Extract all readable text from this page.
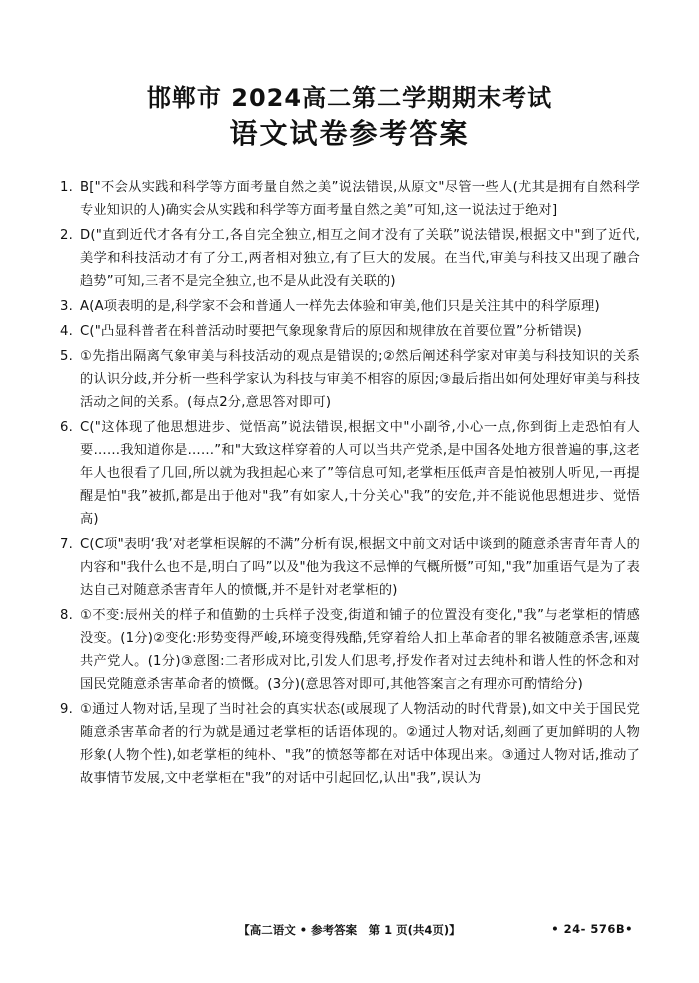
邯郸市 2024高二第二学期期末考试
语文试卷参考答案
1. B["不会从实践和科学等方面考量自然之美”说法错误,从原文"尽管一些人(尤其是拥有自然科学专业知识的人)确实会从实践和科学等方面考量自然之美”可知,这一说法过于绝对]
2. D("直到近代才各有分工,各自完全独立,相互之间才没有了关联”说法错误,根据文中"到了近代,美学和科技活动才有了分工,两者相对独立,有了巨大的发展。在当代,审美与科技又出现了融合趋势”可知,三者不是完全独立,也不是从此没有关联的)
3. A(A项表明的是,科学家不会和普通人一样先去体验和审美,他们只是关注其中的科学原理)
4. C("凸显科普者在科普活动时要把气象现象背后的原因和规律放在首要位置”分析错误)
5. ①先指出隔离气象审美与科技活动的观点是错误的;②然后阐述科学家对审美与科技知识的关系的认识分歧,并分析一些科学家认为科技与审美不相容的原因;③最后指出如何处理好审美与科技活动之间的关系。(每点2分,意思答对即可)
6. C("这体现了他思想进步、觉悟高”说法错误,根据文中"小副爷,小心一点,你到街上走恐怕有人要……我知道你是……”和"大致这样穿着的人可以当共产党杀,是中国各处地方很普遍的事,这老年人也很看了几回,所以就为我担起心来了”等信息可知,老掌柜压低声音是怕被别人听见,一再提醒是怕"我”被抓,都是出于他对"我”有如家人,十分关心"我”的安危,并不能说他思想进步、觉悟高)
7. C(C项"表明‘我’对老掌柜误解的不满”分析有误,根据文中前文对话中谈到的随意杀害青年青人的内容和"我什么也不是,明白了吗”以及"他为我这不忌惮的气概所慑”可知,"我”加重语气是为了表达自己对随意杀害青年人的愤慨,并不是针对老掌柜的)
8. ①不变:辰州关的样子和值勤的士兵样子没变,街道和铺子的位置没有变化,"我”与老掌柜的情感没变。(1分)②变化:形势变得严峻,环境变得残酷,凭穿着给人扣上革命者的罪名被随意杀害,诬蔑共产党人。(1分)③意图:二者形成对比,引发人们思考,抒发作者对过去纯朴和谐人性的怀念和对国民党随意杀害革命者的愤慨。(3分)(意思答对即可,其他答案言之有理亦可酌情给分)
9. ①通过人物对话,呈现了当时社会的真实状态(或展现了人物活动的时代背景),如文中关于国民党随意杀害革命者的行为就是通过老掌柜的话语体现的。②通过人物对话,刻画了更加鲜明的人物形象(人物个性),如老掌柜的纯朴、"我”的愤怒等都在对话中体现出来。③通过人物对话,推动了故事情节发展,文中老掌柜在"我”的对话中引起回忆,认出"我”,误认为
【高二语文 • 参考答案　第 1 页(共4页)】	• 24- 576B•
